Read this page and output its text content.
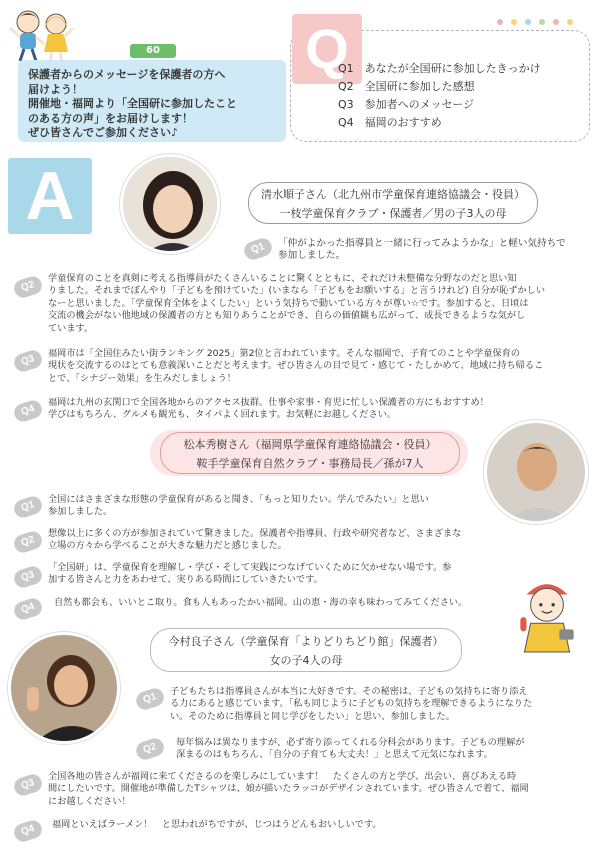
60
保護者からのメッセージを保護者の方へ
届けよう！
開催地・福岡より「全国研に参加したこと
のある方の声」をお届けします！
ぜひ皆さんでご参加ください♪
Q
Q1　あなたが全国研に参加したきっかけ
Q2　全国研に参加した感想
Q3　参加者へのメッセージ
Q4　福岡のおすすめ
A	清水順子さん（北九州市学童保育連絡協議会・役員）
一枝学童保育クラブ・保護者／男の子3人の母
Q1	「仲がよかった指導員と一緒に行ってみようかな」と軽い気持ちで
参加しました。
Q2
学童保育のことを真剣に考える指導員がたくさんいることに驚くとともに、それだけ未整備な分野なのだと思い知
りました。それまでぼんやり「子どもを預けていた」(いまなら「子どもをお願いする」と言うけれど) 自分が恥ずかしい
なーと思いました。「学童保育全体をよくしたい」という気持ちで動いている方々が尊い☆です。参加すると、日頃は
交流の機会がない他地域の保護者の方とも知りあうことができ、自らの価値観も広がって、成長できるような気がし
ています。
Q3	福岡市は「全国住みたい街ランキング 2025」第2位と言われています。そんな福岡で、子育てのことや学童保育の
現状を交流するのはとても意義深いことだと考えます。ぜひ皆さんの目で見て・感じて・たしかめて、地域に持ち帰るこ
とで、「シナジー効果」を生みだしましょう！
Q4
福岡は九州の玄関口で全国各地からのアクセス抜群。仕事や家事・育児に忙しい保護者の方にもおすすめ！
学びはもちろん、グルメも観光も、タイパよく回れます。お気軽にお越しください。
松本秀樹さん（福岡県学童保育連絡協議会・役員）
鞍手学童保育自然クラブ・事務局長／孫が7人
Q1	全国にはさまざまな形態の学童保育があると聞き、「もっと知りたい。学んでみたい」と思い
参加しました。
Q2
想像以上に多くの方が参加されていて驚きました。保護者や指導員、行政や研究者など、さまざまな
立場の方々から学べることが大きな魅力だと感じました。
Q3
「全国研」は、学童保育を理解し・学び・そして実践につなげていくために欠かせない場です。参
加する皆さんと力をあわせて、実りある時間にしていきたいです。
Q4	自然も都会も、いいとこ取り。食も人もあったかい福岡。山の恵・海の幸も味わってみてください。
今村良子さん（学童保育「よりどりちどり館」保護者）
女の子4人の母
Q1	子どもたちは指導員さんが本当に大好きです。その秘密は、子どもの気持ちに寄り添え
る力にあると感じています。「私も同じように子どもの気持ちを理解できるようになりた
い。そのために指導員と同じ学びをしたい」と思い、参加しました。
Q2	毎年悩みは異なりますが、必ず寄り添ってくれる分科会があります。子どもの理解が
深まるのはもちろん、「自分の子育ても大丈夫！」と思えて元気になれます。
Q3
全国各地の皆さんが福岡に来てくださるのを楽しみにしています！　たくさんの方と学び、出会い、喜びあえる時
間にしたいです。開催地が準備したTシャツは、娘が描いたラッコがデザインされています。ぜひ皆さんで着て、福岡
にお越しください！
Q4	福岡といえばラーメン！　と思われがちですが、じつはうどんもおいしいです。
